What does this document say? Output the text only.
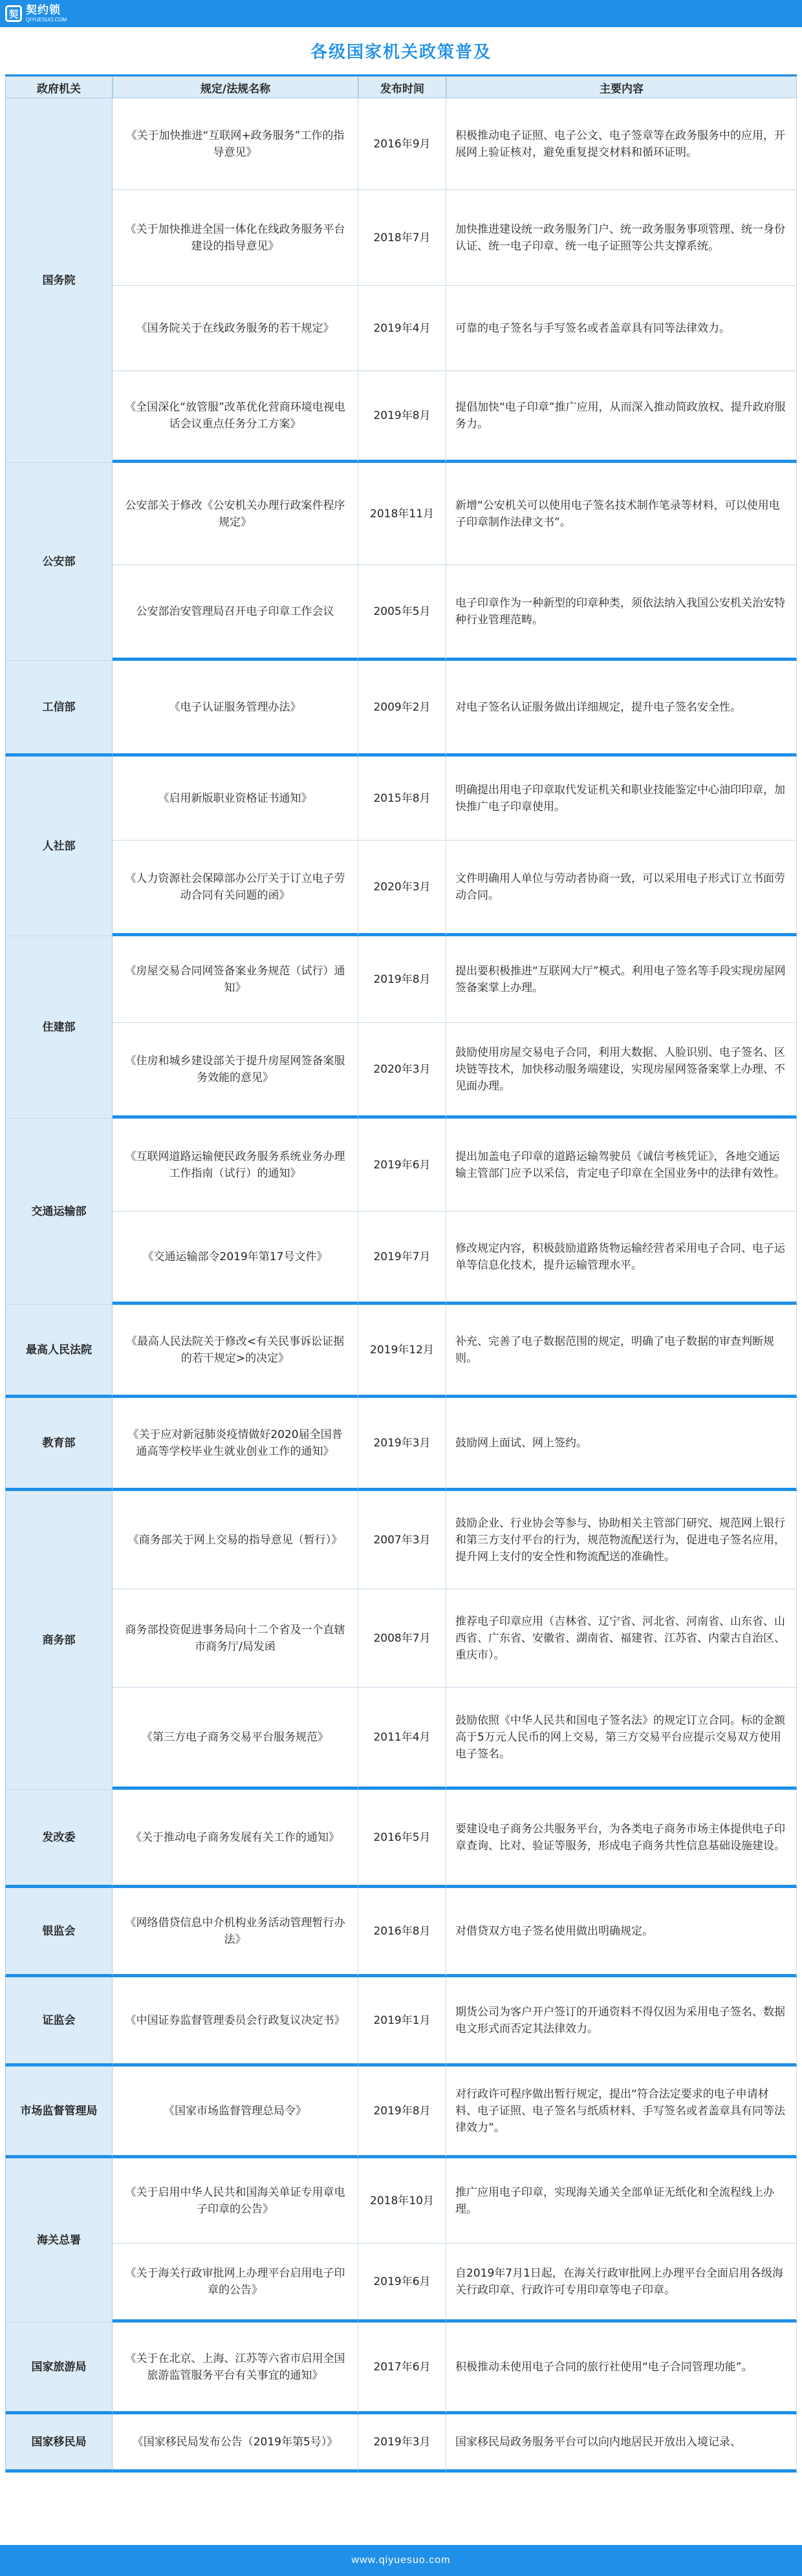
契 契约锁
QIYUESUO.COM
各级国家机关政策普及
政府机关	规定/法规名称	发布时间	主要内容
国务院	《关于加快推进“互联网+政务服务”工作的指导意见》	2016年9月	积极推动电子证照、电子公文、电子签章等在政务服务中的应用，开展网上验证核对，避免重复提交材料和循环证明。
	《关于加快推进全国一体化在线政务服务平台建设的指导意见》	2018年7月	加快推进建设统一政务服务门户、统一政务服务事项管理、统一身份认证、统一电子印章、统一电子证照等公共支撑系统。
	《国务院关于在线政务服务的若干规定》	2019年4月	可靠的电子签名与手写签名或者盖章具有同等法律效力。
	《全国深化“放管服”改革优化营商环境电视电话会议重点任务分工方案》	2019年8月	提倡加快“电子印章”推广应用，从而深入推动简政放权、提升政府服务力。
公安部	公安部关于修改《公安机关办理行政案件程序规定》	2018年11月	新增“公安机关可以使用电子签名技术制作笔录等材料，可以使用电子印章制作法律文书”。
	公安部治安管理局召开电子印章工作会议	2005年5月	电子印章作为一种新型的印章种类，须依法纳入我国公安机关治安特种行业管理范畴。
工信部	《电子认证服务管理办法》	2009年2月	对电子签名认证服务做出详细规定，提升电子签名安全性。
人社部	《启用新版职业资格证书通知》	2015年8月	明确提出用电子印章取代发证机关和职业技能鉴定中心油印印章，加快推广电子印章使用。
	《人力资源社会保障部办公厅关于订立电子劳动合同有关问题的函》	2020年3月	文件明确用人单位与劳动者协商一致，可以采用电子形式订立书面劳动合同。
住建部	《房屋交易合同网签备案业务规范（试行）通知》	2019年8月	提出要积极推进“互联网大厅”模式。利用电子签名等手段实现房屋网签备案掌上办理。
	《住房和城乡建设部关于提升房屋网签备案服务效能的意见》	2020年3月	鼓励使用房屋交易电子合同，利用大数据、人脸识别、电子签名、区块链等技术，加快移动服务端建设，实现房屋网签备案掌上办理、不见面办理。
交通运输部	《互联网道路运输便民政务服务系统业务办理工作指南（试行）的通知》	2019年6月	提出加盖电子印章的道路运输驾驶员《诚信考核凭证》，各地交通运输主管部门应予以采信，肯定电子印章在全国业务中的法律有效性。
	《交通运输部令2019年第17号文件》	2019年7月	修改规定内容，积极鼓励道路货物运输经营者采用电子合同、电子运单等信息化技术，提升运输管理水平。
最高人民法院	《最高人民法院关于修改<有关民事诉讼证据的若干规定>的决定》	2019年12月	补充、完善了电子数据范围的规定，明确了电子数据的审查判断规则。
教育部	《关于应对新冠肺炎疫情做好2020届全国普通高等学校毕业生就业创业工作的通知》	2019年3月	鼓励网上面试、网上签约。
商务部	《商务部关于网上交易的指导意见（暂行）》	2007年3月	鼓励企业、行业协会等参与、协助相关主管部门研究、规范网上银行和第三方支付平台的行为，规范物流配送行为，促进电子签名应用，提升网上支付的安全性和物流配送的准确性。
	商务部投资促进事务局向十二个省及一个直辖市商务厅/局发函	2008年7月	推荐电子印章应用（吉林省、辽宁省、河北省、河南省、山东省、山西省、广东省、安徽省、湖南省、福建省、江苏省、内蒙古自治区、重庆市）。
	《第三方电子商务交易平台服务规范》	2011年4月	鼓励依照《中华人民共和国电子签名法》的规定订立合同。标的金额高于5万元人民币的网上交易，第三方交易平台应提示交易双方使用电子签名。
发改委	《关于推动电子商务发展有关工作的通知》	2016年5月	要建设电子商务公共服务平台，为各类电子商务市场主体提供电子印章查询、比对、验证等服务，形成电子商务共性信息基础设施建设。
银监会	《网络借贷信息中介机构业务活动管理暂行办法》	2016年8月	对借贷双方电子签名使用做出明确规定。
证监会	《中国证券监督管理委员会行政复议决定书》	2019年1月	期货公司为客户开户签订的开通资料不得仅因为采用电子签名、数据电文形式而否定其法律效力。
市场监督管理局	《国家市场监督管理总局令》	2019年8月	对行政许可程序做出暂行规定，提出“符合法定要求的电子申请材料、电子证照、电子签名与纸质材料、手写签名或者盖章具有同等法律效力”。
海关总署	《关于启用中华人民共和国海关单证专用章电子印章的公告》	2018年10月	推广应用电子印章，实现海关通关全部单证无纸化和全流程线上办理。
	《关于海关行政审批网上办理平台启用电子印章的公告》	2019年6月	自2019年7月1日起，在海关行政审批网上办理平台全面启用各级海关行政印章、行政许可专用印章等电子印章。
国家旅游局	《关于在北京、上海、江苏等六省市启用全国旅游监管服务平台有关事宜的通知》	2017年6月	积极推动未使用电子合同的旅行社使用“电子合同管理功能”。
国家移民局	《国家移民局发布公告（2019年第5号）》	2019年3月	国家移民局政务服务平台可以向内地居民开放出入境记录、
www.qiyuesuo.com
